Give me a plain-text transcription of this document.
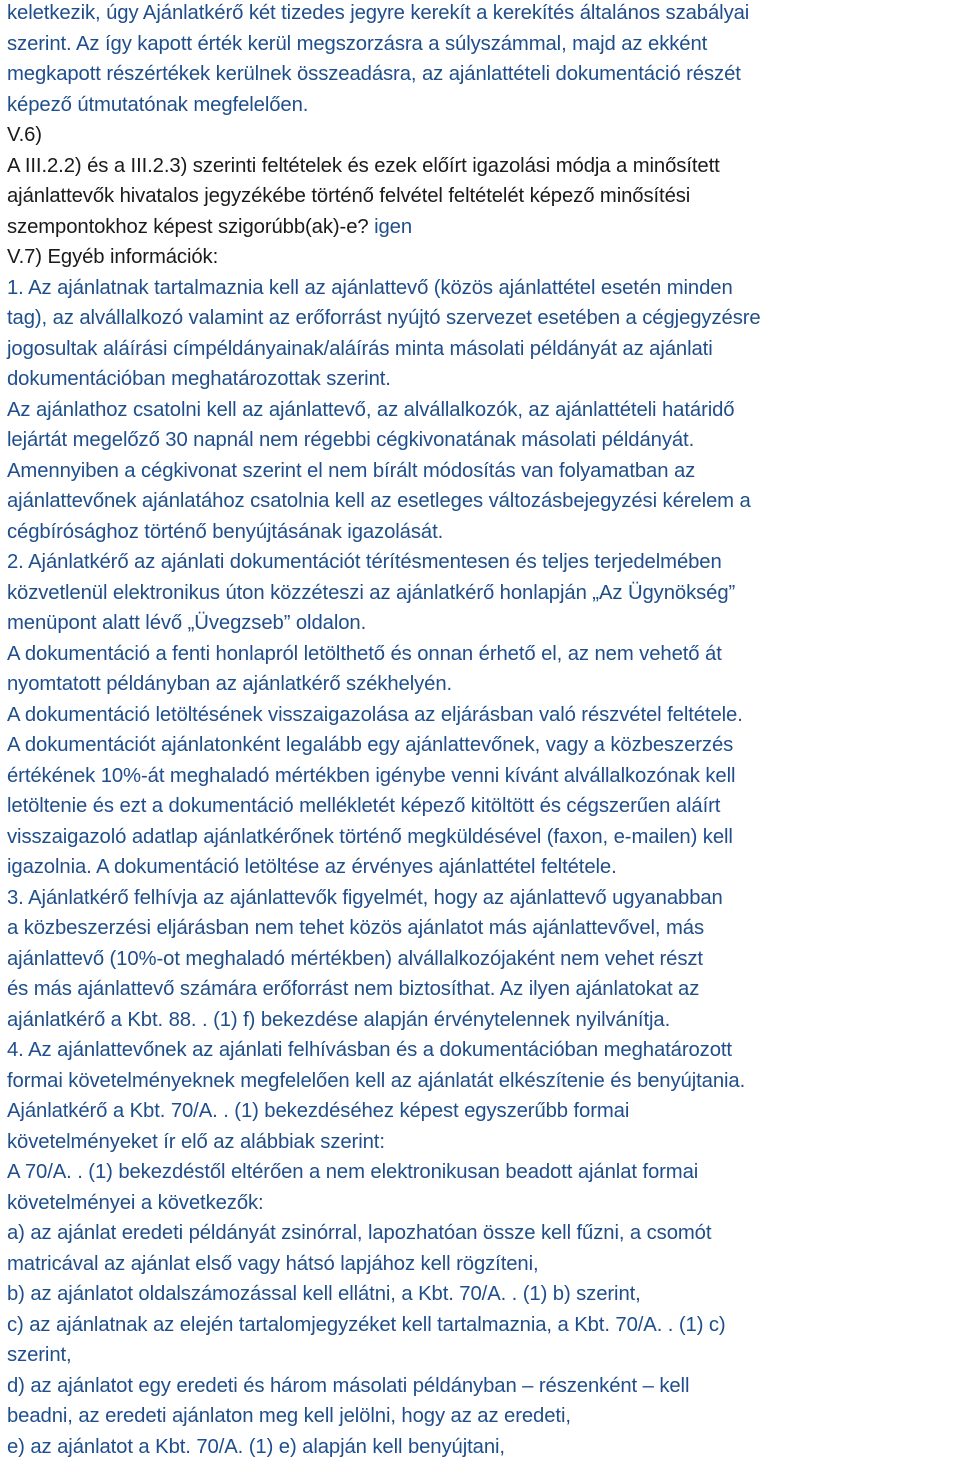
keletkezik, úgy Ajánlatkérő két tizedes jegyre kerekít a kerekítés általános szabályai
szerint. Az így kapott érték kerül megszorzásra a súlyszámmal, majd az ekként
megkapott részértékek kerülnek összeadásra, az ajánlattételi dokumentáció részét
képező útmutatónak megfelelően.
V.6)
A III.2.2) és a III.2.3) szerinti feltételek és ezek előírt igazolási módja a minősített
ajánlattevők hivatalos jegyzékébe történő felvétel feltételét képező minősítési
szempontokhoz képest szigorúbb(ak)-e? igen
V.7) Egyéb információk:
1. Az ajánlatnak tartalmaznia kell az ajánlattevő (közös ajánlattétel esetén minden
tag), az alvállalkozó valamint az erőforrást nyújtó szervezet esetében a cégjegyzésre
jogosultak aláírási címpéldányainak/aláírás minta másolati példányát az ajánlati
dokumentációban meghatározottak szerint.
Az ajánlathoz csatolni kell az ajánlattevő, az alvállalkozók, az ajánlattételi határidő
lejártát megelőző 30 napnál nem régebbi cégkivonatának másolati példányát.
Amennyiben a cégkivonat szerint el nem bírált módosítás van folyamatban az
ajánlattevőnek ajánlatához csatolnia kell az esetleges változásbejegyzési kérelem a
cégbírósághoz történő benyújtásának igazolását.
2. Ajánlatkérő az ajánlati dokumentációt térítésmentesen és teljes terjedelmében
közvetlenül elektronikus úton közzéteszi az ajánlatkérő honlapján „Az Ügynökség”
menüpont alatt lévő „Üvegzseb” oldalon.
A dokumentáció a fenti honlapról letölthető és onnan érhető el, az nem vehető át
nyomtatott példányban az ajánlatkérő székhelyén.
A dokumentáció letöltésének visszaigazolása az eljárásban való részvétel feltétele.
A dokumentációt ajánlatonként legalább egy ajánlattevőnek, vagy a közbeszerzés
értékének 10%-át meghaladó mértékben igénybe venni kívánt alvállalkozónak kell
letöltenie és ezt a dokumentáció mellékletét képező kitöltött és cégszerűen aláírt
visszaigazoló adatlap ajánlatkérőnek történő megküldésével (faxon, e-mailen) kell
igazolnia. A dokumentáció letöltése az érvényes ajánlattétel feltétele.
3. Ajánlatkérő felhívja az ajánlattevők figyelmét, hogy az ajánlattevő ugyanabban
a közbeszerzési eljárásban nem tehet közös ajánlatot más ajánlattevővel, más
ajánlattevő (10%-ot meghaladó mértékben) alvállalkozójaként nem vehet részt
és más ajánlattevő számára erőforrást nem biztosíthat. Az ilyen ajánlatokat az
ajánlatkérő a Kbt. 88. . (1) f) bekezdése alapján érvénytelennek nyilvánítja.
4. Az ajánlattevőnek az ajánlati felhívásban és a dokumentációban meghatározott
formai követelményeknek megfelelően kell az ajánlatát elkészítenie és benyújtania.
Ajánlatkérő a Kbt. 70/A. . (1) bekezdéséhez képest egyszerűbb formai
követelményeket ír elő az alábbiak szerint:
A 70/A. . (1) bekezdéstől eltérően a nem elektronikusan beadott ajánlat formai
követelményei a következők:
a) az ajánlat eredeti példányát zsinórral, lapozhatóan össze kell fűzni, a csomót
matricával az ajánlat első vagy hátsó lapjához kell rögzíteni,
b) az ajánlatot oldalszámozással kell ellátni, a Kbt. 70/A. . (1) b) szerint,
c) az ajánlatnak az elején tartalomjegyzéket kell tartalmaznia, a Kbt. 70/A. . (1) c)
szerint,
d) az ajánlatot egy eredeti és három másolati példányban – részenként – kell
beadni, az eredeti ajánlaton meg kell jelölni, hogy az az eredeti,
e) az ajánlatot a Kbt. 70/A. (1) e) alapján kell benyújtani,
